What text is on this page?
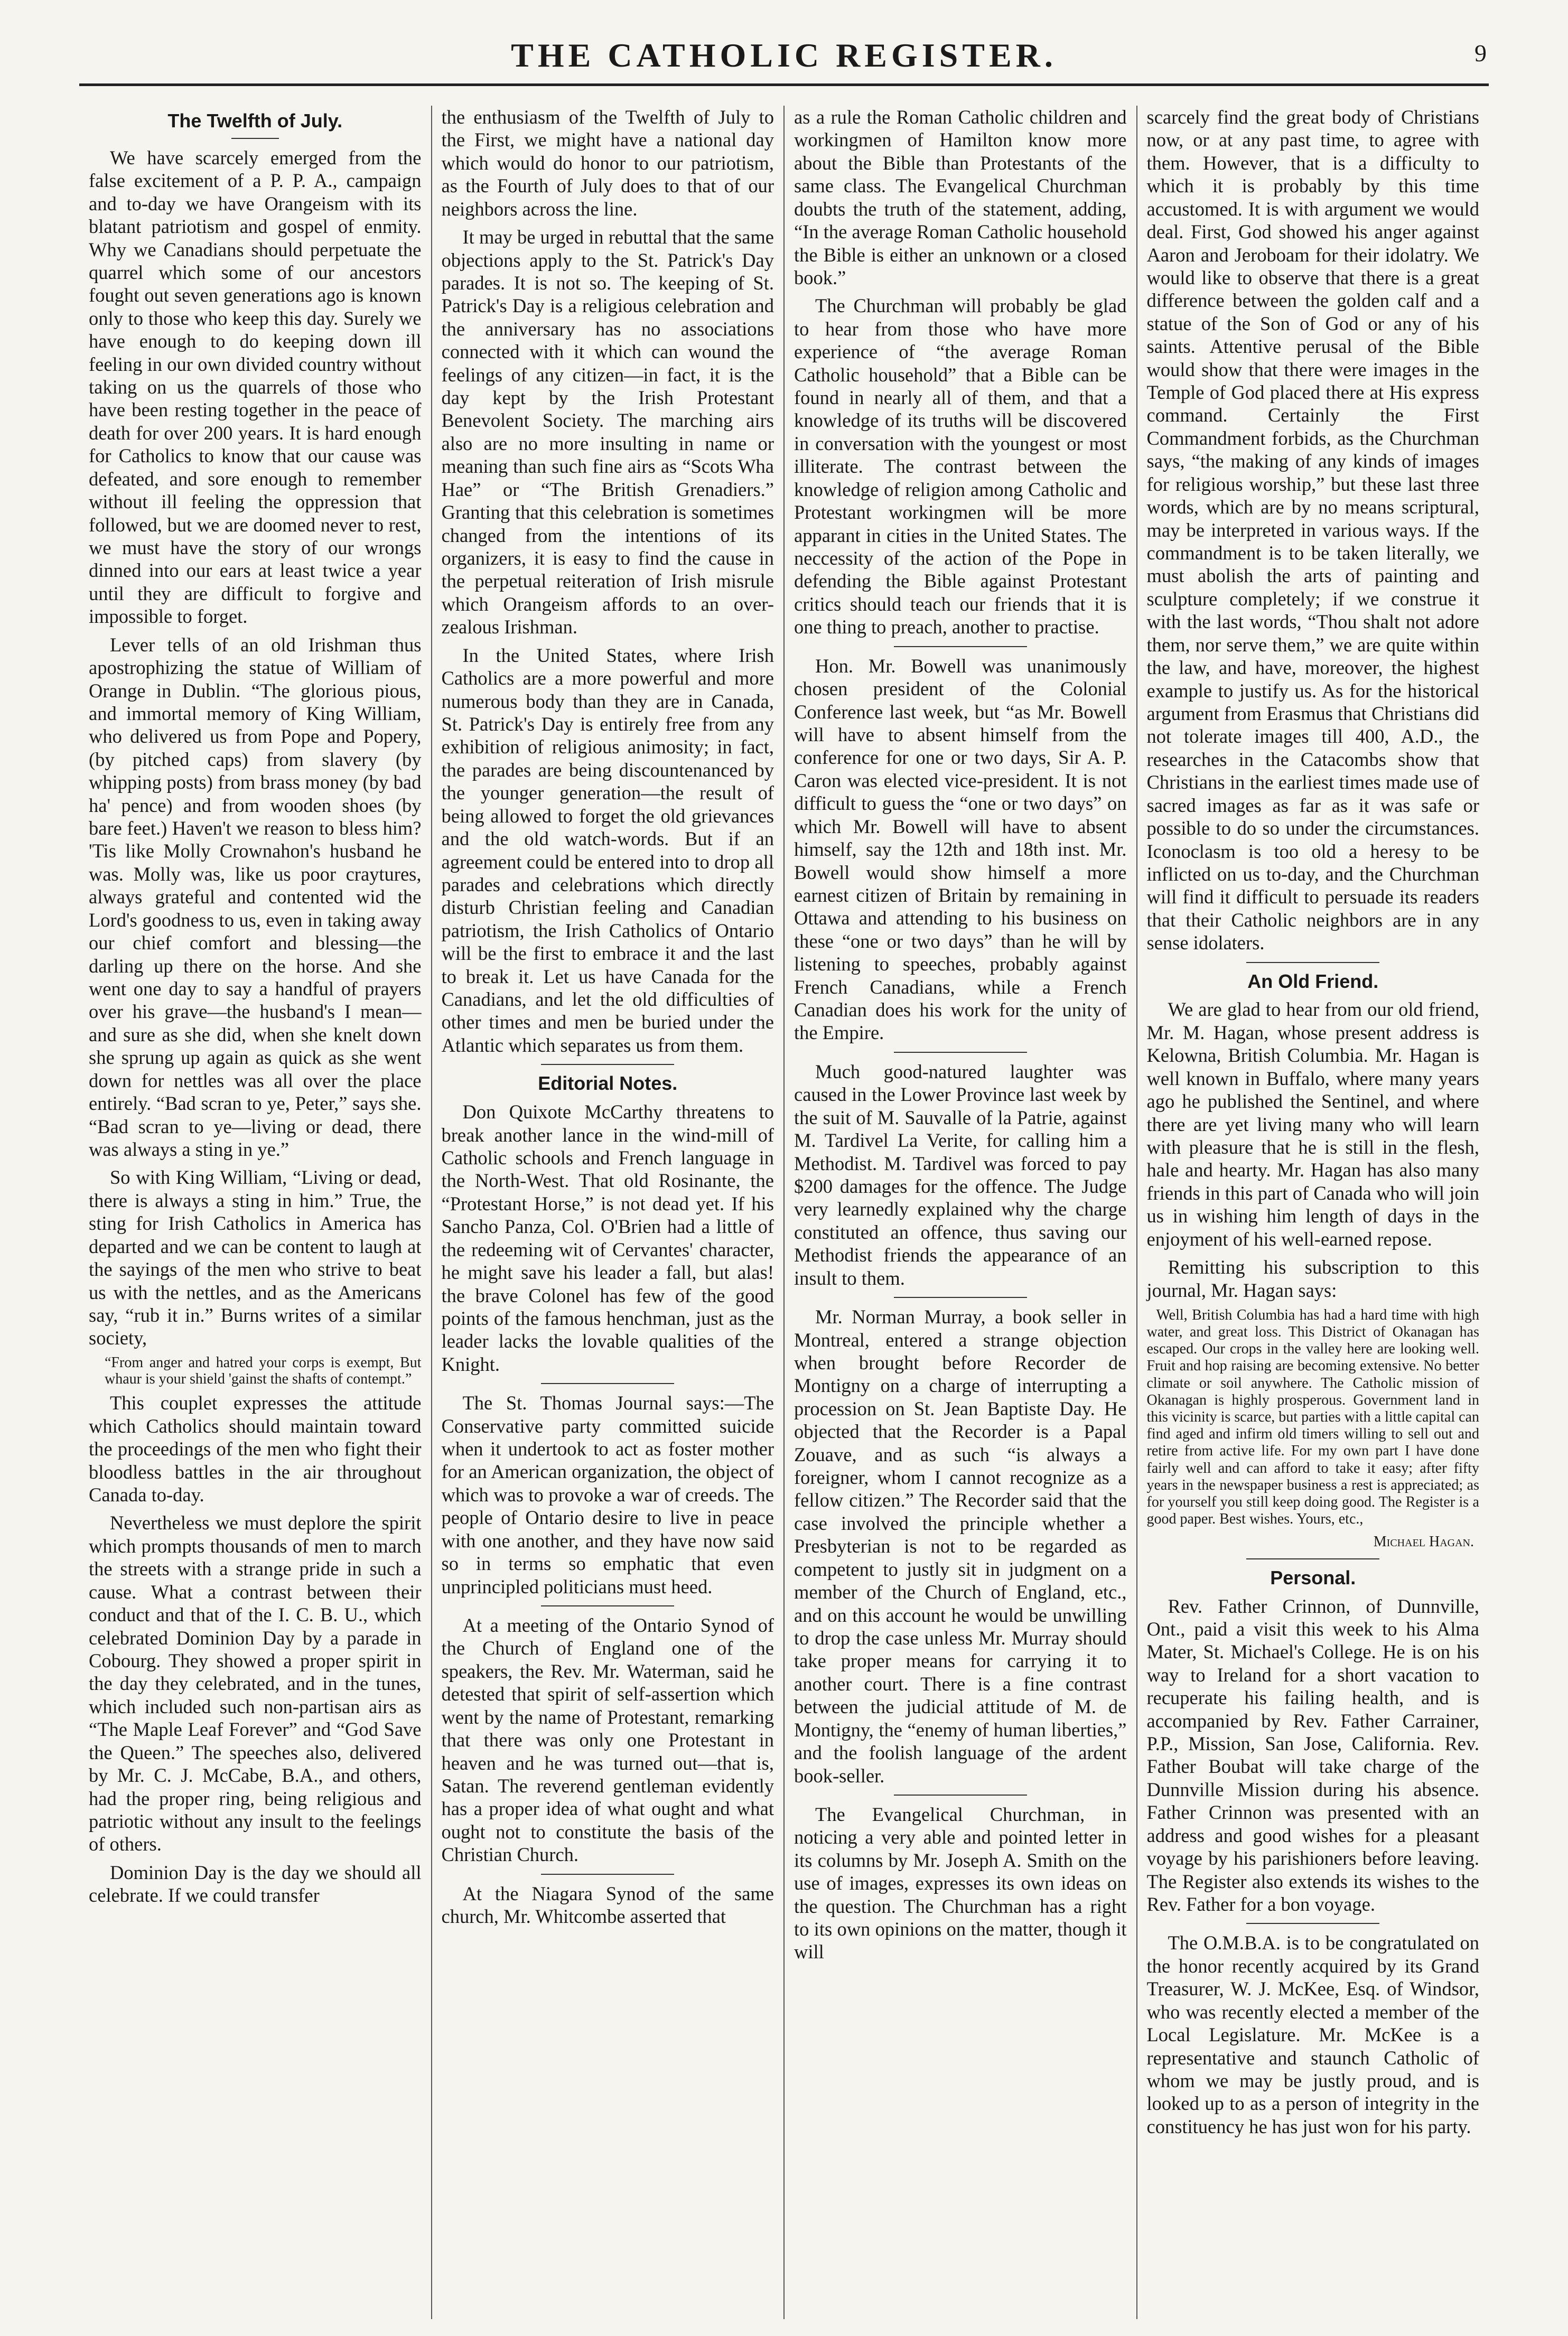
THE CATHOLIC REGISTER.	9
The Twelfth of July.

We have scarcely emerged from the false excitement of a P. P. A., campaign and to-day we have Orangeism with its blatant patriotism and gospel of enmity. Why we Canadians should perpetuate the quarrel which some of our ancestors fought out seven generations ago is known only to those who keep this day. Surely we have enough to do keeping down ill feeling in our own divided country without taking on us the quarrels of those who have been resting together in the peace of death for over 200 years. It is hard enough for Catholics to know that our cause was defeated, and sore enough to remember without ill feeling the oppression that followed, but we are doomed never to rest, we must have the story of our wrongs dinned into our ears at least twice a year until they are difficult to forgive and impossible to forget.

Lever tells of an old Irishman thus apostrophizing the statue of William of Orange in Dublin. “The glorious pious, and immortal memory of King William, who delivered us from Pope and Popery, (by pitched caps) from slavery (by whipping posts) from brass money (by bad ha' pence) and from wooden shoes (by bare feet.) Haven't we reason to bless him? 'Tis like Molly Crownahon's husband he was. Molly was, like us poor craytures, always grateful and contented wid the Lord's goodness to us, even in taking away our chief comfort and blessing—the darling up there on the horse. And she went one day to say a handful of prayers over his grave—the husband's I mean—and sure as she did, when she knelt down she sprung up again as quick as she went down for nettles was all over the place entirely. “Bad scran to ye, Peter,” says she. “Bad scran to ye—living or dead, there was always a sting in ye.”

So with King William, “Living or dead, there is always a sting in him.” True, the sting for Irish Catholics in America has departed and we can be content to laugh at the sayings of the men who strive to beat us with the nettles, and as the Americans say, “rub it in.” Burns writes of a similar society,

“From anger and hatred your corps is exempt, But whaur is your shield 'gainst the shafts of contempt.”

This couplet expresses the attitude which Catholics should maintain toward the proceedings of the men who fight their bloodless battles in the air throughout Canada to-day.

Nevertheless we must deplore the spirit which prompts thousands of men to march the streets with a strange pride in such a cause. What a contrast between their conduct and that of the I. C. B. U., which celebrated Dominion Day by a parade in Cobourg. They showed a proper spirit in the day they celebrated, and in the tunes, which included such non-partisan airs as “The Maple Leaf Forever” and “God Save the Queen.” The speeches also, delivered by Mr. C. J. McCabe, B.A., and others, had the proper ring, being religious and patriotic without any insult to the feelings of others.

Dominion Day is the day we should all celebrate. If we could transfer

the enthusiasm of the Twelfth of July to the First, we might have a national day which would do honor to our patriotism, as the Fourth of July does to that of our neighbors across the line.

It may be urged in rebuttal that the same objections apply to the St. Patrick's Day parades. It is not so. The keeping of St. Patrick's Day is a religious celebration and the anniversary has no associations connected with it which can wound the feelings of any citizen—in fact, it is the day kept by the Irish Protestant Benevolent Society. The marching airs also are no more insulting in name or meaning than such fine airs as “Scots Wha Hae” or “The British Grenadiers.” Granting that this celebration is sometimes changed from the intentions of its organizers, it is easy to find the cause in the perpetual reiteration of Irish misrule which Orangeism affords to an over-zealous Irishman.

In the United States, where Irish Catholics are a more powerful and more numerous body than they are in Canada, St. Patrick's Day is entirely free from any exhibition of religious animosity; in fact, the parades are being discountenanced by the younger generation—the result of being allowed to forget the old grievances and the old watch-words. But if an agreement could be entered into to drop all parades and celebrations which directly disturb Christian feeling and Canadian patriotism, the Irish Catholics of Ontario will be the first to embrace it and the last to break it. Let us have Canada for the Canadians, and let the old difficulties of other times and men be buried under the Atlantic which separates us from them.

Editorial Notes.

Don Quixote McCarthy threatens to break another lance in the wind-mill of Catholic schools and French language in the North-West. That old Rosinante, the “Protestant Horse,” is not dead yet. If his Sancho Panza, Col. O'Brien had a little of the redeeming wit of Cervantes' character, he might save his leader a fall, but alas! the brave Colonel has few of the good points of the famous henchman, just as the leader lacks the lovable qualities of the Knight.

The St. Thomas Journal says:—The Conservative party committed suicide when it undertook to act as foster mother for an American organization, the object of which was to provoke a war of creeds. The people of Ontario desire to live in peace with one another, and they have now said so in terms so emphatic that even unprincipled politicians must heed.

At a meeting of the Ontario Synod of the Church of England one of the speakers, the Rev. Mr. Waterman, said he detested that spirit of self-assertion which went by the name of Protestant, remarking that there was only one Protestant in heaven and he was turned out—that is, Satan. The reverend gentleman evidently has a proper idea of what ought and what ought not to constitute the basis of the Christian Church.

At the Niagara Synod of the same church, Mr. Whitcombe asserted that

as a rule the Roman Catholic children and workingmen of Hamilton know more about the Bible than Protestants of the same class. The Evangelical Churchman doubts the truth of the statement, adding, “In the average Roman Catholic household the Bible is either an unknown or a closed book.”

The Churchman will probably be glad to hear from those who have more experience of “the average Roman Catholic household” that a Bible can be found in nearly all of them, and that a knowledge of its truths will be discovered in conversation with the youngest or most illiterate. The contrast between the knowledge of religion among Catholic and Protestant workingmen will be more apparant in cities in the United States. The neccessity of the action of the Pope in defending the Bible against Protestant critics should teach our friends that it is one thing to preach, another to practise.

Hon. Mr. Bowell was unanimously chosen president of the Colonial Conference last week, but “as Mr. Bowell will have to absent himself from the conference for one or two days, Sir A. P. Caron was elected vice-president. It is not difficult to guess the “one or two days” on which Mr. Bowell will have to absent himself, say the 12th and 18th inst. Mr. Bowell would show himself a more earnest citizen of Britain by remaining in Ottawa and attending to his business on these “one or two days” than he will by listening to speeches, probably against French Canadians, while a French Canadian does his work for the unity of the Empire.

Much good-natured laughter was caused in the Lower Province last week by the suit of M. Sauvalle of la Patrie, against M. Tardivel La Verite, for calling him a Methodist. M. Tardivel was forced to pay $200 damages for the offence. The Judge very learnedly explained why the charge constituted an offence, thus saving our Methodist friends the appearance of an insult to them.

Mr. Norman Murray, a book seller in Montreal, entered a strange objection when brought before Recorder de Montigny on a charge of interrupting a procession on St. Jean Baptiste Day. He objected that the Recorder is a Papal Zouave, and as such “is always a foreigner, whom I cannot recognize as a fellow citizen.” The Recorder said that the case involved the principle whether a Presbyterian is not to be regarded as competent to justly sit in judgment on a member of the Church of England, etc., and on this account he would be unwilling to drop the case unless Mr. Murray should take proper means for carrying it to another court. There is a fine contrast between the judicial attitude of M. de Montigny, the “enemy of human liberties,” and the foolish language of the ardent book-seller.

The Evangelical Churchman, in noticing a very able and pointed letter in its columns by Mr. Joseph A. Smith on the use of images, expresses its own ideas on the question. The Churchman has a right to its own opinions on the matter, though it will

scarcely find the great body of Christians now, or at any past time, to agree with them. However, that is a difficulty to which it is probably by this time accustomed. It is with argument we would deal. First, God showed his anger against Aaron and Jeroboam for their idolatry. We would like to observe that there is a great difference between the golden calf and a statue of the Son of God or any of his saints. Attentive perusal of the Bible would show that there were images in the Temple of God placed there at His express command. Certainly the First Commandment forbids, as the Churchman says, “the making of any kinds of images for religious worship,” but these last three words, which are by no means scriptural, may be interpreted in various ways. If the commandment is to be taken literally, we must abolish the arts of painting and sculpture completely; if we construe it with the last words, “Thou shalt not adore them, nor serve them,” we are quite within the law, and have, moreover, the highest example to justify us. As for the historical argument from Erasmus that Christians did not tolerate images till 400, A.D., the researches in the Catacombs show that Christians in the earliest times made use of sacred images as far as it was safe or possible to do so under the circumstances. Iconoclasm is too old a heresy to be inflicted on us to-day, and the Churchman will find it difficult to persuade its readers that their Catholic neighbors are in any sense idolaters.

An Old Friend.

We are glad to hear from our old friend, Mr. M. Hagan, whose present address is Kelowna, British Columbia. Mr. Hagan is well known in Buffalo, where many years ago he published the Sentinel, and where there are yet living many who will learn with pleasure that he is still in the flesh, hale and hearty. Mr. Hagan has also many friends in this part of Canada who will join us in wishing him length of days in the enjoyment of his well-earned repose.

Remitting his subscription to this journal, Mr. Hagan says:

Well, British Columbia has had a hard time with high water, and great loss. This District of Okanagan has escaped. Our crops in the valley here are looking well. Fruit and hop raising are becoming extensive. No better climate or soil anywhere. The Catholic mission of Okanagan is highly prosperous. Government land in this vicinity is scarce, but parties with a little capital can find aged and infirm old timers willing to sell out and retire from active life. For my own part I have done fairly well and can afford to take it easy; after fifty years in the newspaper business a rest is appreciated; as for yourself you still keep doing good. The Register is a good paper. Best wishes. Yours, etc.,

Michael Hagan.
Personal.

Rev. Father Crinnon, of Dunnville, Ont., paid a visit this week to his Alma Mater, St. Michael's College. He is on his way to Ireland for a short vacation to recuperate his failing health, and is accompanied by Rev. Father Carrainer, P.P., Mission, San Jose, California. Rev. Father Boubat will take charge of the Dunnville Mission during his absence. Father Crinnon was presented with an address and good wishes for a pleasant voyage by his parishioners before leaving. The Register also extends its wishes to the Rev. Father for a bon voyage.

The O.M.B.A. is to be congratulated on the honor recently acquired by its Grand Treasurer, W. J. McKee, Esq. of Windsor, who was recently elected a member of the Local Legislature. Mr. McKee is a representative and staunch Catholic of whom we may be justly proud, and is looked up to as a person of integrity in the constituency he has just won for his party.
